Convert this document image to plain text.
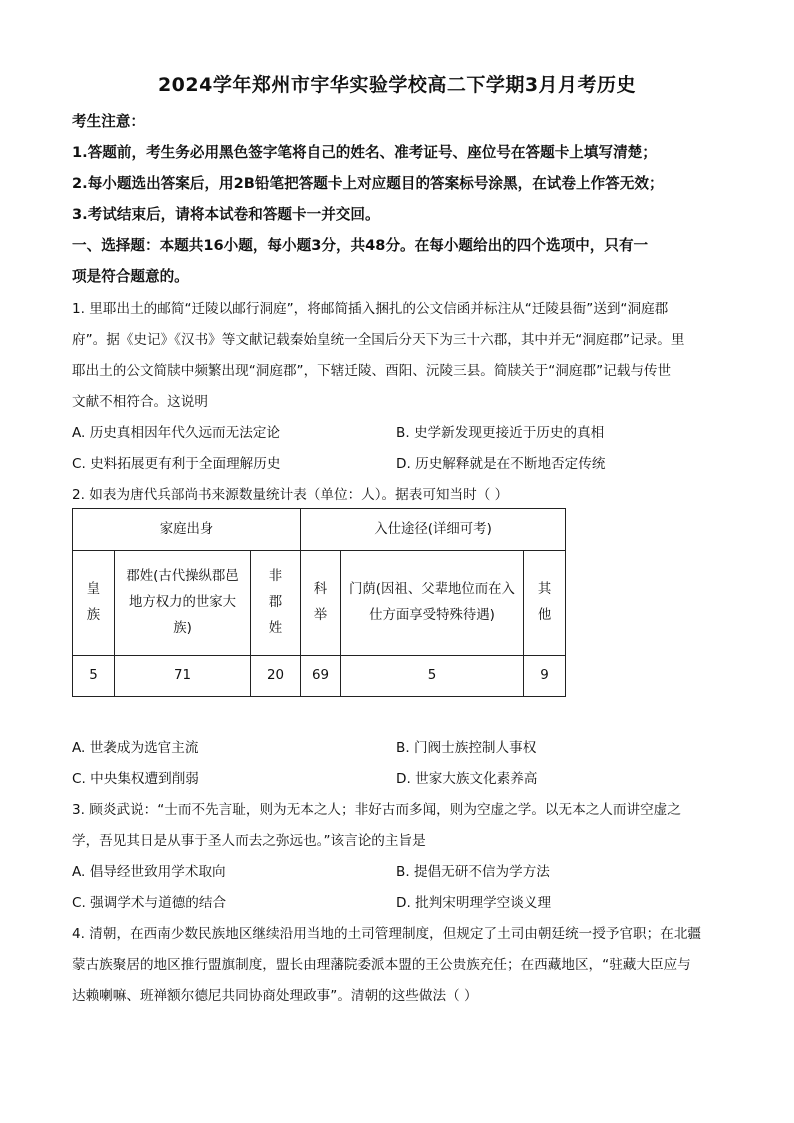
2024学年郑州市宇华实验学校高二下学期3月月考历史
考生注意：
1.答题前，考生务必用黑色签字笔将自己的姓名、准考证号、座位号在答题卡上填写清楚；
2.每小题选出答案后，用2B铅笔把答题卡上对应题目的答案标号涂黑，在试卷上作答无效；
3.考试结束后，请将本试卷和答题卡一并交回。
一、选择题：本题共16小题，每小题3分，共48分。在每小题给出的四个选项中，只有一
项是符合题意的。
1. 里耶出土的邮简“迁陵以邮行洞庭”，将邮简插入捆扎的公文信函并标注从“迁陵县衙”送到“洞庭郡
府”。据《史记》《汉书》等文献记载秦始皇统一全国后分天下为三十六郡，其中并无“洞庭郡”记录。里
耶出土的公文简牍中频繁出现“洞庭郡”，下辖迁陵、酉阳、沅陵三县。简牍关于“洞庭郡”记载与传世
文献不相符合。这说明
A. 历史真相因年代久远而无法定论	B. 史学新发现更接近于历史的真相
C. 史料拓展更有利于全面理解历史	D. 历史解释就是在不断地否定传统
2. 如表为唐代兵部尚书来源数量统计表（单位：人）。据表可知当时（ ）
家庭出身			入仕途径(详细可考)		
皇族	郡姓(古代操纵郡邑地方权力的世家大族)	非郡姓	科举	门荫(因祖、父辈地位而在入仕方面享受特殊待遇)	其他
5	71	20	69	5	9
A. 世袭成为选官主流	B. 门阀士族控制人事权
C. 中央集权遭到削弱	D. 世家大族文化素养高
3. 顾炎武说：“士而不先言耻，则为无本之人；非好古而多闻，则为空虚之学。以无本之人而讲空虚之
学，吾见其日是从事于圣人而去之弥远也。”该言论的主旨是
A. 倡导经世致用学术取向	B. 提倡无研不信为学方法
C. 强调学术与道德的结合	D. 批判宋明理学空谈义理
4. 清朝，在西南少数民族地区继续沿用当地的土司管理制度，但规定了土司由朝廷统一授予官职；在北疆
蒙古族聚居的地区推行盟旗制度，盟长由理藩院委派本盟的王公贵族充任；在西藏地区，“驻藏大臣应与
达赖喇嘛、班禅额尔德尼共同协商处理政事”。清朝的这些做法（ ）
